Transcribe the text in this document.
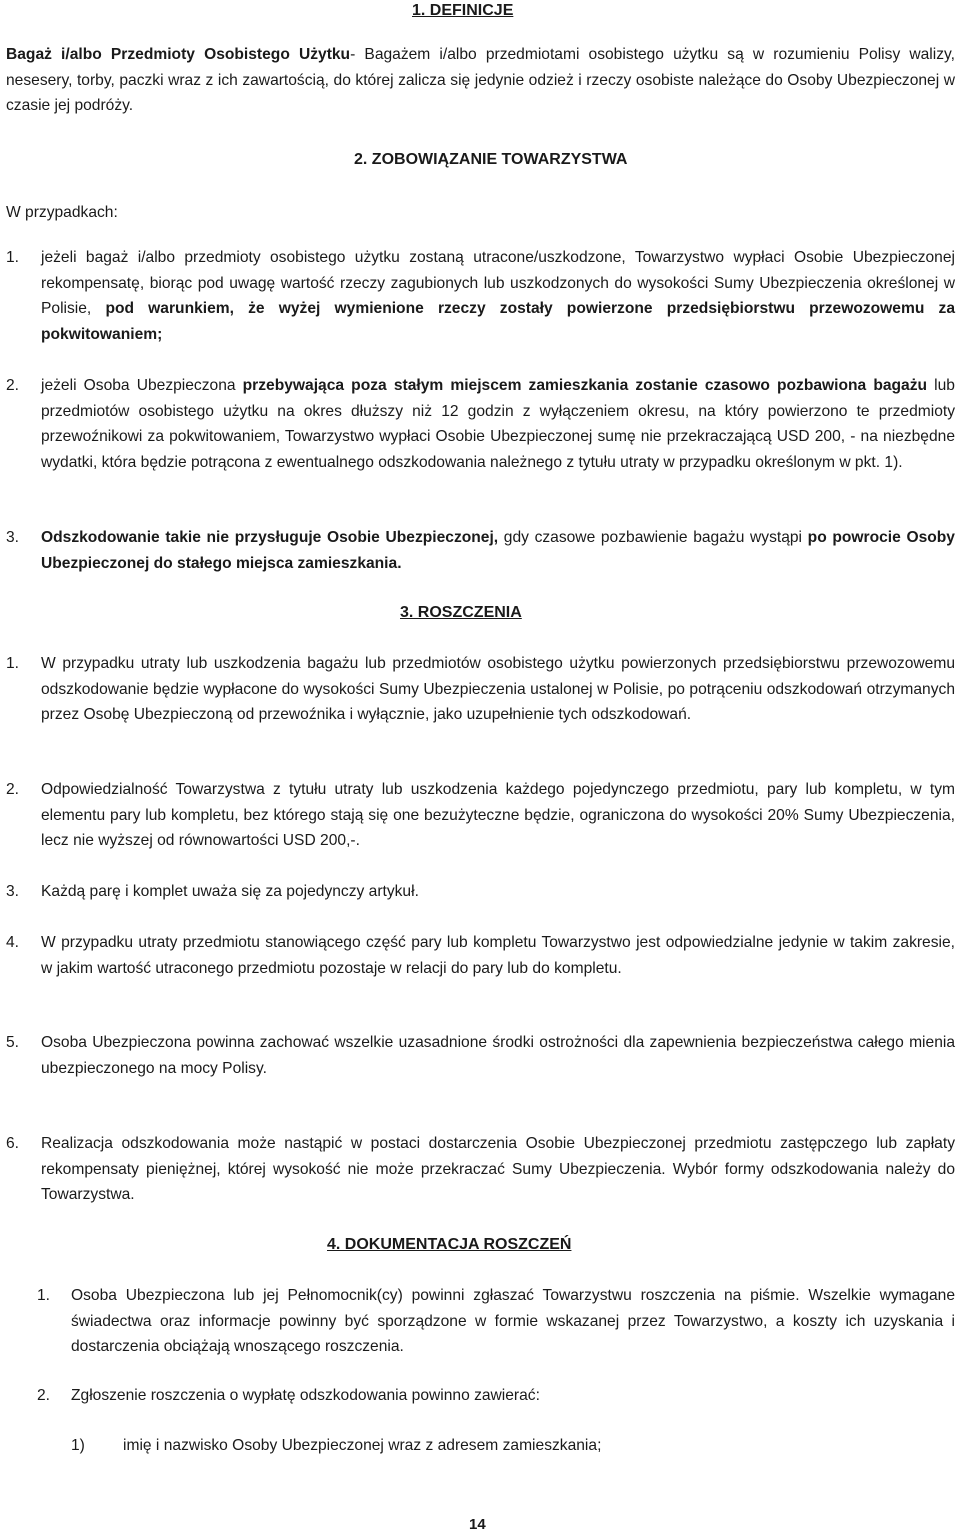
1. DEFINICJE
Bagaż i/albo Przedmioty Osobistego Użytku- Bagażem i/albo przedmiotami osobistego użytku są w rozumieniu Polisy walizy, nesesery, torby, paczki wraz z ich zawartością, do której zalicza się jedynie odzież i rzeczy osobiste należące do Osoby Ubezpieczonej w czasie jej podróży.
2. ZOBOWIĄZANIE TOWARZYSTWA
W przypadkach:
1. jeżeli bagaż i/albo przedmioty osobistego użytku zostaną utracone/uszkodzone, Towarzystwo wypłaci Osobie Ubezpieczonej rekompensatę, biorąc pod uwagę wartość rzeczy zagubionych lub uszkodzonych do wysokości Sumy Ubezpieczenia określonej w Polisie, pod warunkiem, że wyżej wymienione rzeczy zostały powierzone przedsiębiorstwu przewozowemu za pokwitowaniem;
2. jeżeli Osoba Ubezpieczona przebywająca poza stałym miejscem zamieszkania zostanie czasowo pozbawiona bagażu lub przedmiotów osobistego użytku na okres dłuższy niż 12 godzin z wyłączeniem okresu, na który powierzono te przedmioty przewoźnikowi za pokwitowaniem, Towarzystwo wypłaci Osobie Ubezpieczonej sumę nie przekraczającą USD 200, - na niezbędne wydatki, która będzie potrącona z ewentualnego odszkodowania należnego z tytułu utraty w przypadku określonym w pkt. 1).
3. Odszkodowanie takie nie przysługuje Osobie Ubezpieczonej, gdy czasowe pozbawienie bagażu wystąpi po powrocie Osoby Ubezpieczonej do stałego miejsca zamieszkania.
3. ROSZCZENIA
1. W przypadku utraty lub uszkodzenia bagażu lub przedmiotów osobistego użytku powierzonych przedsiębiorstwu przewozowemu odszkodowanie będzie wypłacone do wysokości Sumy Ubezpieczenia ustalonej w Polisie, po potrąceniu odszkodowań otrzymanych przez Osobę Ubezpieczoną od przewoźnika i wyłącznie, jako uzupełnienie tych odszkodowań.
2. Odpowiedzialność Towarzystwa z tytułu utraty lub uszkodzenia każdego pojedynczego przedmiotu, pary lub kompletu, w tym elementu pary lub kompletu, bez którego stają się one bezużyteczne będzie, ograniczona do wysokości 20% Sumy Ubezpieczenia, lecz nie wyższej od równowartości USD 200,-.
3. Każdą parę i komplet uważa się za pojedynczy artykuł.
4. W przypadku utraty przedmiotu stanowiącego część pary lub kompletu Towarzystwo jest odpowiedzialne jedynie w takim zakresie, w jakim wartość utraconego przedmiotu pozostaje w relacji do pary lub do kompletu.
5. Osoba Ubezpieczona powinna zachować wszelkie uzasadnione środki ostrożności dla zapewnienia bezpieczeństwa całego mienia ubezpieczonego na mocy Polisy.
6. Realizacja odszkodowania może nastąpić w postaci dostarczenia Osobie Ubezpieczonej przedmiotu zastępczego lub zapłaty rekompensaty pieniężnej, której wysokość nie może przekraczać Sumy Ubezpieczenia. Wybór formy odszkodowania należy do Towarzystwa.
4. DOKUMENTACJA ROSZCZEŃ
1. Osoba Ubezpieczona lub jej Pełnomocnik(cy) powinni zgłaszać Towarzystwu roszczenia na piśmie. Wszelkie wymagane świadectwa oraz informacje powinny być sporządzone w formie wskazanej przez Towarzystwo, a koszty ich uzyskania i dostarczenia obciążają wnoszącego roszczenia.
2. Zgłoszenie roszczenia o wypłatę odszkodowania powinno zawierać:
1) imię i nazwisko Osoby Ubezpieczonej wraz z adresem zamieszkania;
14
